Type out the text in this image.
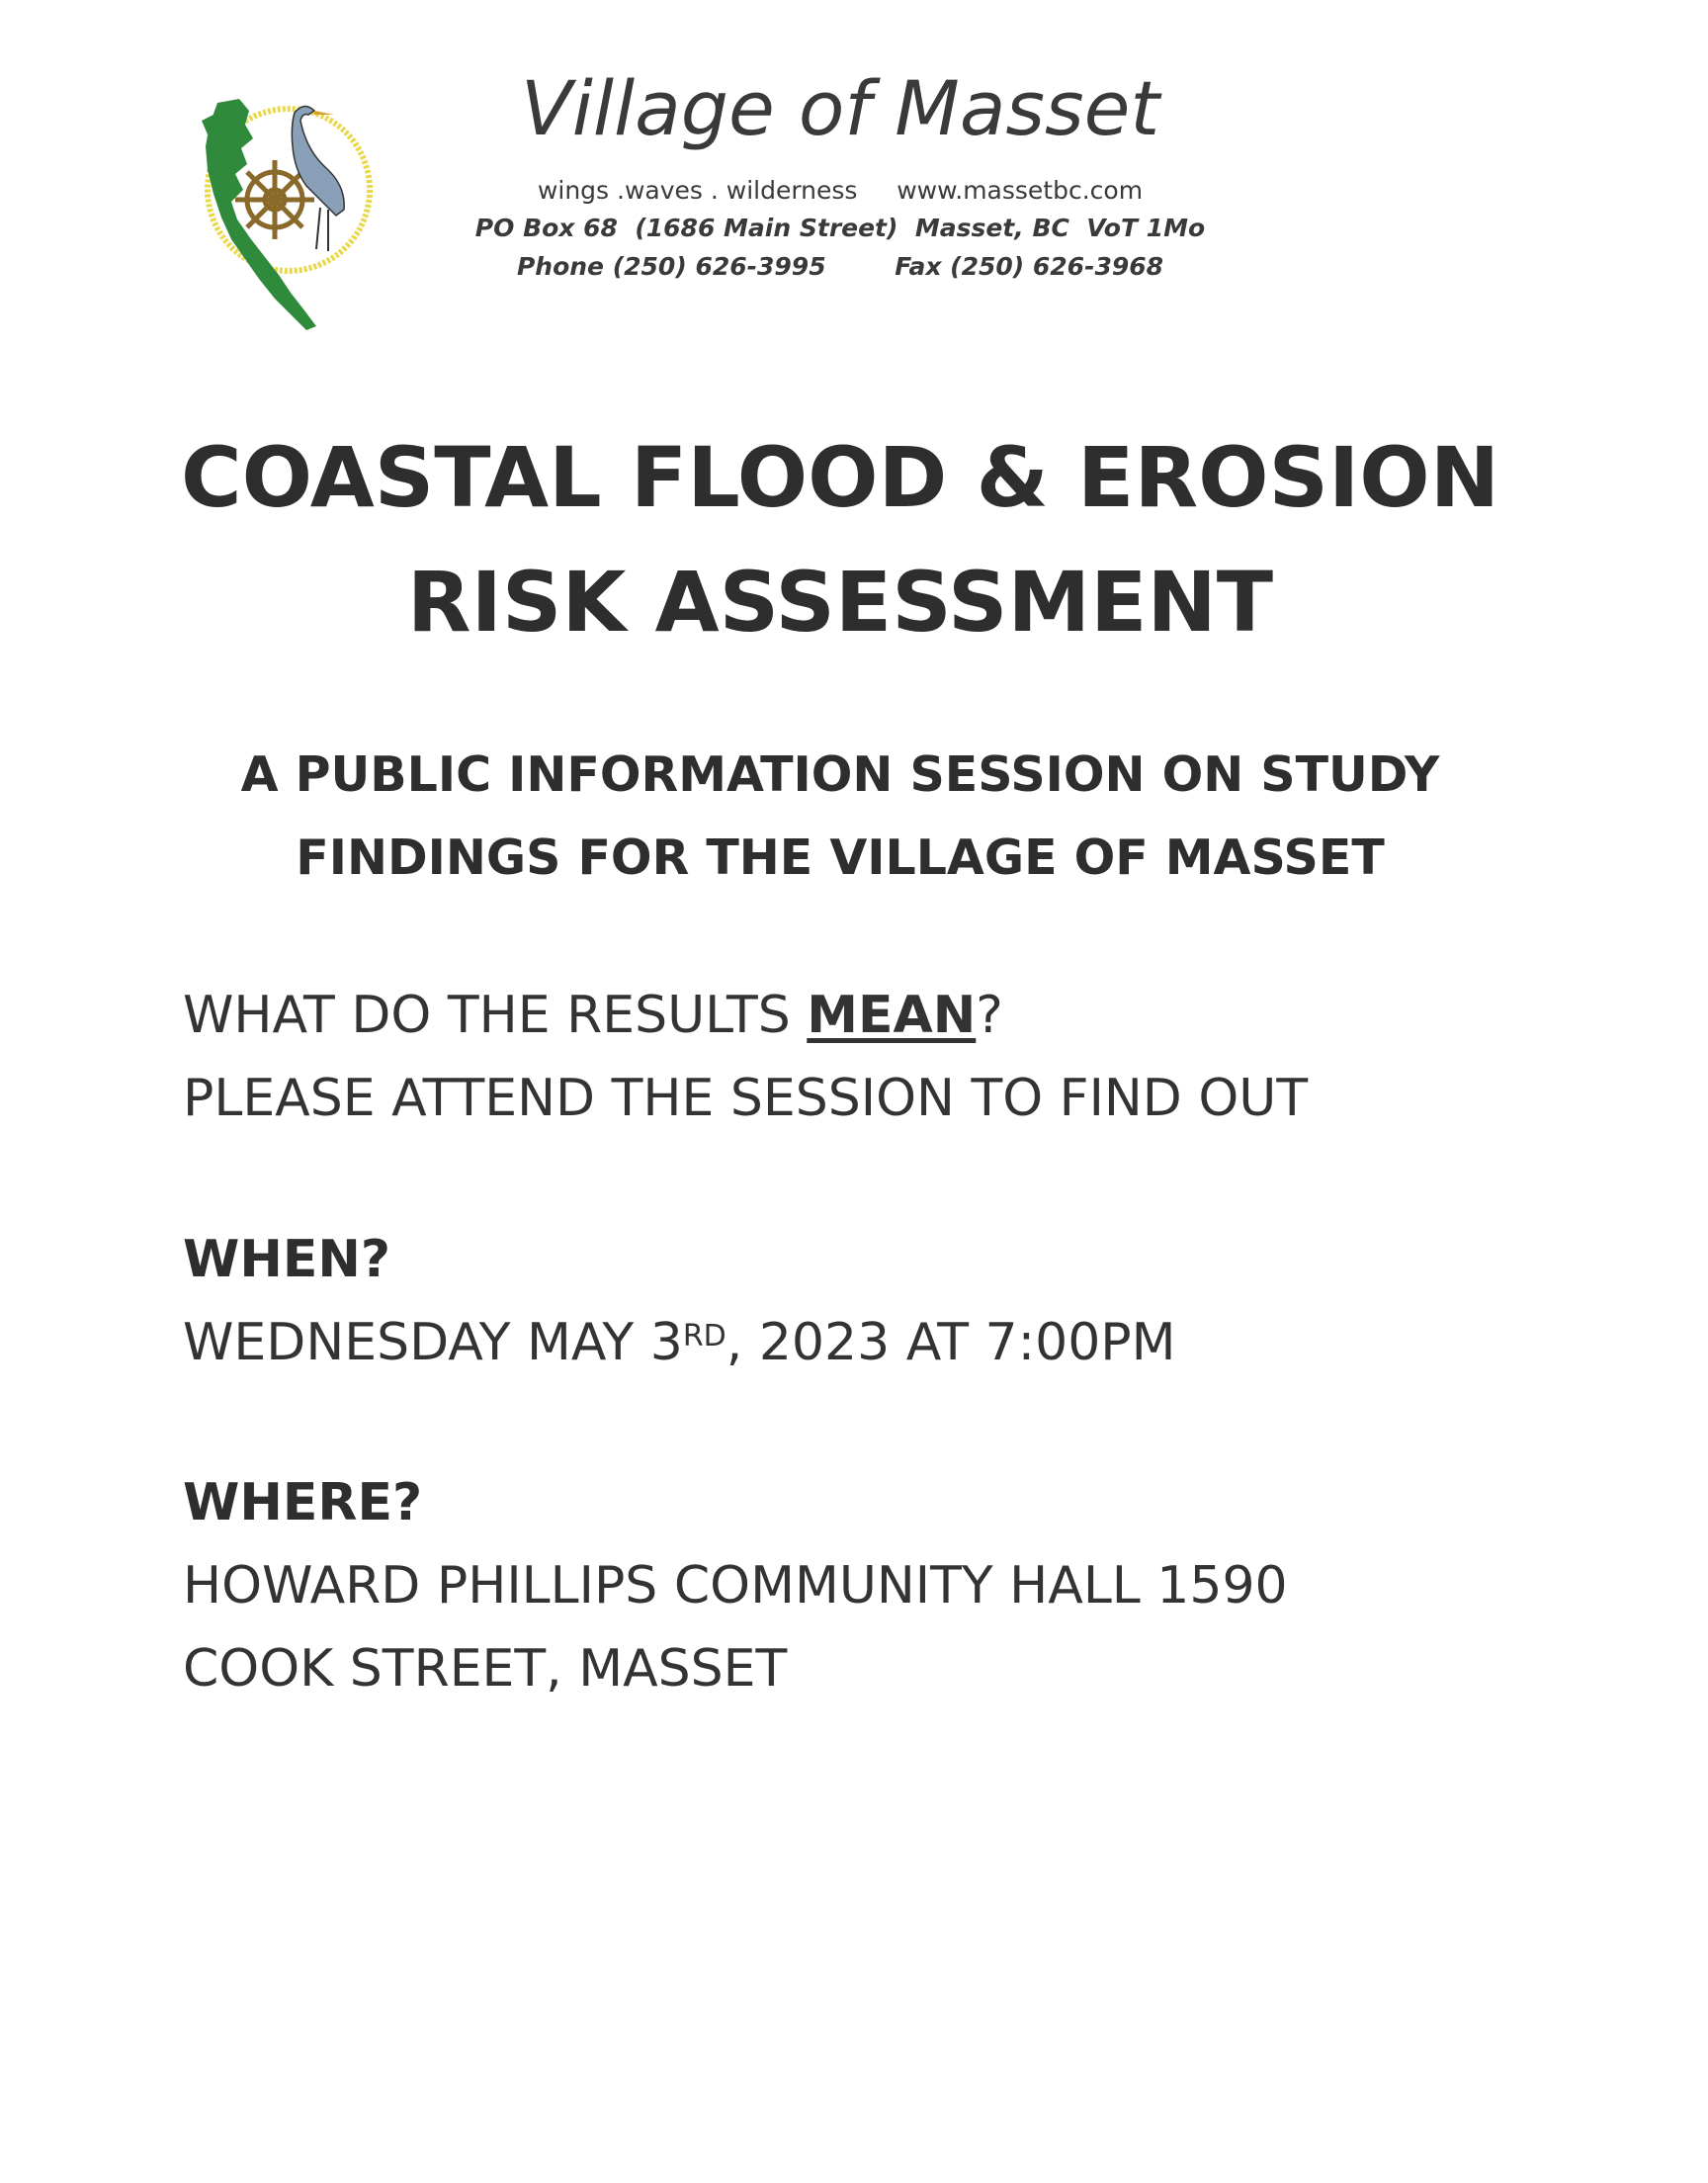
Village of Masset
wings .waves . wilderness www.massetbc.com
PO Box 68  (1686 Main Street)  Masset, BC  VoT 1Mo
Phone (250) 626-3995	Fax (250) 626-3968
COASTAL FLOOD & EROSION
RISK ASSESSMENT
A PUBLIC INFORMATION SESSION ON STUDY
FINDINGS FOR THE VILLAGE OF MASSET
WHAT DO THE RESULTS MEAN?
PLEASE ATTEND THE SESSION TO FIND OUT
WHEN?
WEDNESDAY MAY 3RD, 2023 AT 7:00PM
WHERE?
HOWARD PHILLIPS COMMUNITY HALL 1590
COOK STREET, MASSET
